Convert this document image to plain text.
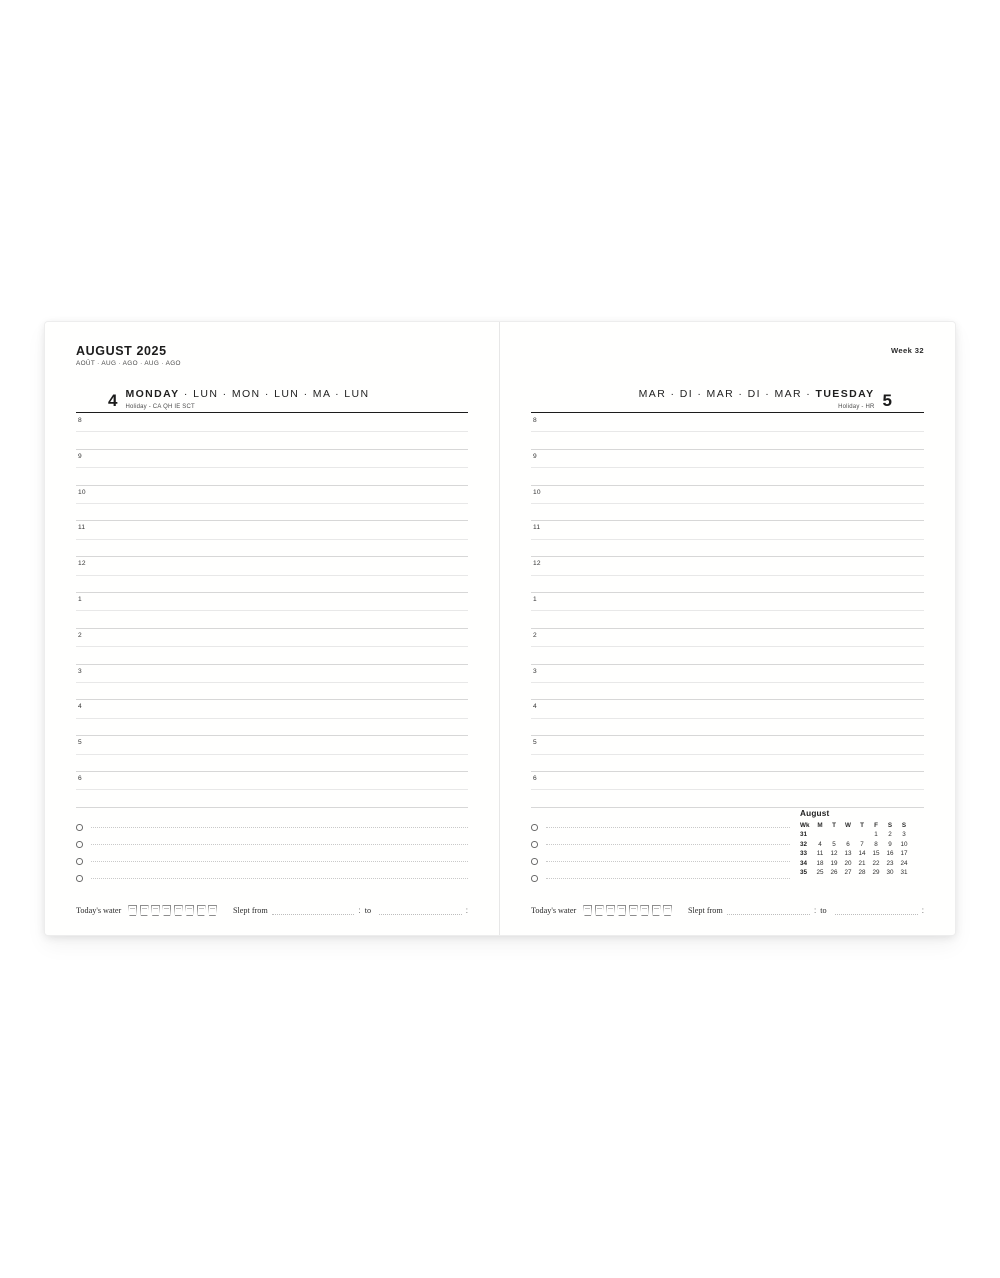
AUGUST 2025
AOÛT · AUG · AGO · AUG · AGO
4 MONDAY · LUN · MON · LUN · MA · LUN
Holiday - CA QH IE SCT
8
9
10
11
12
1
2
3
4
5
6
Today's water	Slept from	: to	:
Week 32
MAR · DI · MAR · DI · MAR · TUESDAY
Holiday - HR 5
8
9
10
11
12
1
2
3
4
5
6
August
Wk	M	T	W	T	F	S	S
31					1	2	3
32	4	5	6	7	8	9	10
33	11	12	13	14	15	16	17
34	18	19	20	21	22	23	24
35	25	26	27	28	29	30	31
Today's water	Slept from	: to	:
